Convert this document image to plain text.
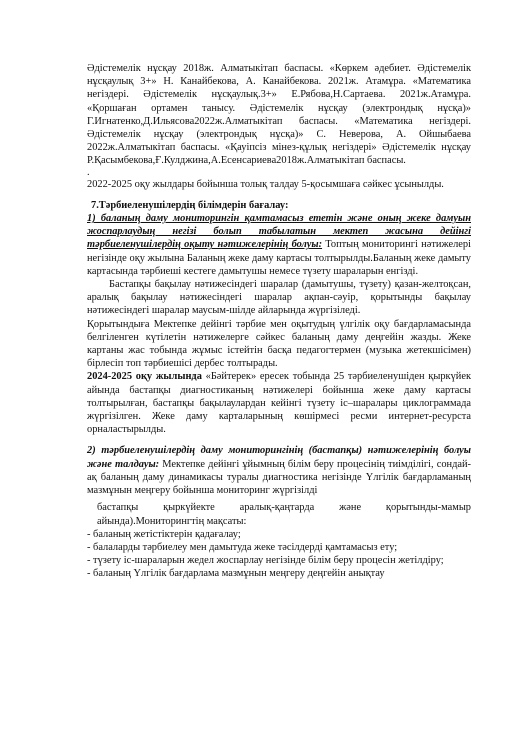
Әдістемелік нұсқау 2018ж. Алматыкітап баспасы. «Көркем әдебиет. Әдістемелік нұсқаулық 3+» Н. Канайбекова, А. Канайбекова. 2021ж. Атамұра. «Математика негіздері. Әдістемелік нұсқаулық.3+» Е.Рябова,Н.Сартаева. 2021ж.Атамұра. «Қоршаған ортамен танысу. Әдістемелік нұсқау (электрондық нұсқа)» Г.Игнатенко,Д.Ильясова2022ж.Алматыкітап баспасы. «Математика негіздері. Әдістемелік нұсқау (электрондық нұсқа)» С. Неверова, А. Ойшыбаева 2022ж.Алматыкітап баспасы. «Қауіпсіз мінез-құлық негіздері» Әдістемелік нұсқау Р.Қасымбекова,Ғ.Кулджина,А.Есенсариева2018ж.Алматыкітап баспасы.

.

2022-2025 оқу жылдары бойынша толық талдау 5-қосымшаға сәйкес ұсынылды.

7.Тәрбиеленушілердің білімдерін бағалау:

1) баланың даму мониторингін қамтамасыз ететін және оның жеке дамуын жоспарлаудың негізі болып табылатын мектеп жасына дейінгі тәрбиеленушілердің оқыту нәтижелерінің болуы: Топтың мониторингі нәтижелері негізінде оқу жылына Баланың жеке даму картасы толтырылды.Баланың жеке дамыту картасында тәрбиеші кестеге дамытушы немесе түзету шараларын енгізді.

Бастапқы бақылау нәтижесіндегі шаралар (дамытушы, түзету) қазан-желтоқсан, аралық бақылау нәтижесіндегі шаралар ақпан-сәуір, қорытынды бақылау нәтижесіндегі шаралар маусым-шілде айларында жүргізіледі.

Қорытындыға Мектепке дейінгі тәрбие мен оқытудың үлгілік оқу бағдарламасында белгіленген күтілетін нәтижелерге сәйкес баланың даму деңгейін жазды. Жеке картаны жас тобында жұмыс істейтін басқа педагогтермен (музыка жетекшісімен) бірлесіп топ тәрбиешісі дербес толтырады.

2024-2025 оқу жылында «Бәйтерек» ересек тобында 25 тәрбиеленушіден қыркүйек айында бастапқы диагностиканың нәтижелері бойынша жеке даму картасы толтырылған, бастапқы бақылаулардан кейінгі түзету іс–шаралары циклограммада жүргізілген. Жеке даму карталарының көшірмесі ресми интернет-ресурста орналастырылды.

2) тәрбиеленушілердің даму мониторингінің (бастапқы) нәтижелерінің болуы және талдауы: Мектепке дейінгі ұйымның білім беру процесінің тиімділігі, сондай-ақ баланың даму динамикасы туралы диагностика негізінде Үлгілік бағдарламаның мазмұнын меңгеру бойынша мониторинг жүргізілді

бастапқы қыркүйекте аралық-қаңтарда және қорытынды-мамыр айында).Мониторингтің мақсаты:

- баланың жетістіктерін қадағалау;
- балаларды тәрбиелеу мен дамытуда жеке тәсілдерді қамтамасыз ету;
- түзету іс-шараларын жедел жоспарлау негізінде білім беру процесін жетілдіру;
- баланың Үлгілік бағдарлама мазмұнын меңгеру деңгейін анықтау
